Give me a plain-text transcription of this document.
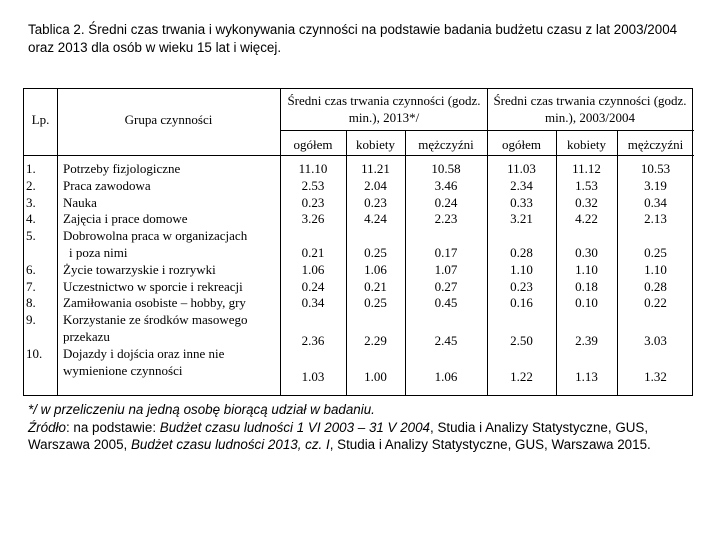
Tablica 2. Średni czas trwania i wykonywania czynności na podstawie badania budżetu czasu z lat 2003/2004 oraz 2013 dla osób w wieku 15 lat i więcej.
Lp.	Grupa czynności
Średni czas trwania czynności (godz. min.), 2013*/
Średni czas trwania czynności (godz. min.), 2003/2004
ogółem	kobiety	mężczyźni	ogółem	kobiety	mężczyźni
1. Potrzeby fizjologiczne	11.10	11.21	10.58	11.03	11.12	10.53
2. Praca zawodowa	2.53	2.04	3.46	2.34	1.53	3.19
3. Nauka	0.23	0.23	0.24	0.33	0.32	0.34
4. Zajęcia i prace domowe	3.26	4.24	2.23	3.21	4.22	2.13
5. Dobrowolna praca w organizacjach
i poza nimi	0.21	0.25	0.17	0.28	0.30	0.25
6. Życie towarzyskie i rozrywki	1.06	1.06	1.07	1.10	1.10	1.10
7. Uczestnictwo w sporcie i rekreacji	0.24	0.21	0.27	0.23	0.18	0.28
8. Zamiłowania osobiste – hobby, gry	0.34	0.25	0.45	0.16	0.10	0.22
9. Korzystanie ze środków masowego
przekazu	2.36	2.29	2.45	2.50	2.39	3.03
10. Dojazdy i dojścia oraz inne nie
wymienione czynności	1.03	1.00	1.06	1.22	1.13	1.32
*/ w przeliczeniu na jedną osobę biorącą udział w badaniu.
Źródło: na podstawie: Budżet czasu ludności 1 VI 2003 – 31 V 2004, Studia i Analizy Statystyczne, GUS, Warszawa 2005, Budżet czasu ludności 2013, cz. I, Studia i Analizy Statystyczne, GUS, Warszawa 2015.
